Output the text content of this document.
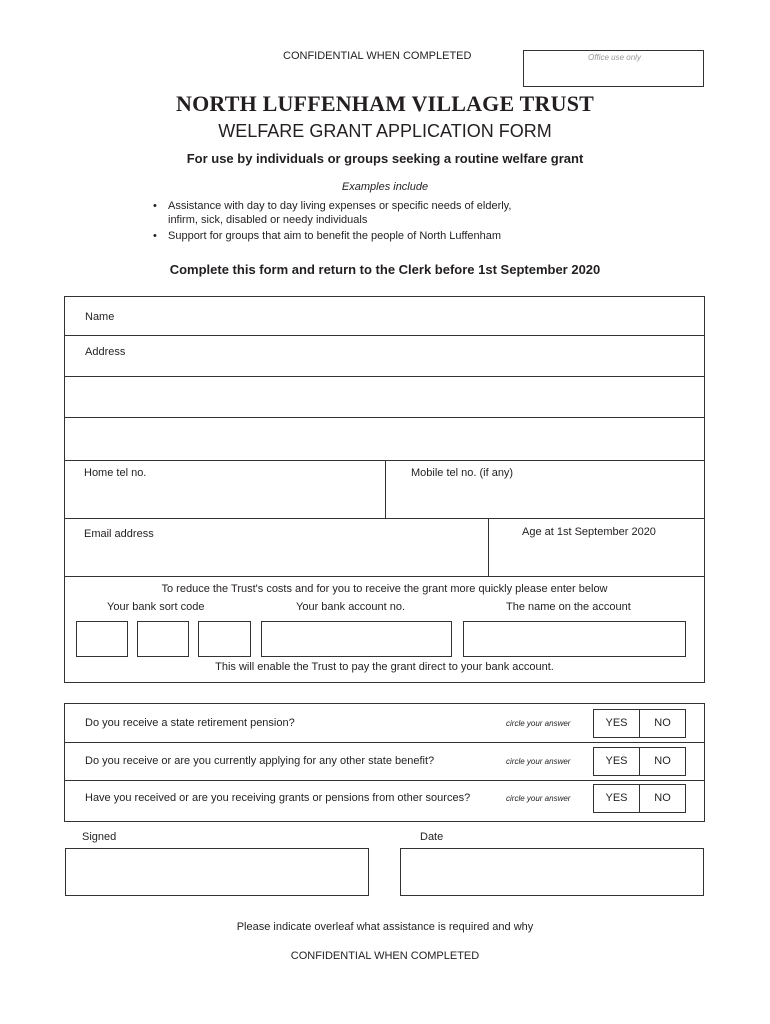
CONFIDENTIAL WHEN COMPLETED	Office use only
NORTH LUFFENHAM VILLAGE TRUST
WELFARE GRANT APPLICATION FORM
For use by individuals or groups seeking a routine welfare grant
Examples include
• Assistance with day to day living expenses or specific needs of elderly,
infirm, sick, disabled or needy individuals
• Support for groups that aim to benefit the people of North Luffenham
Complete this form and return to the Clerk before 1st September 2020
Name
Address
Home tel no.	Mobile tel no. (if any)
Email address	Age at 1st September 2020
To reduce the Trust's costs and for you to receive the grant more quickly please enter below
Your bank sort code	Your bank account no.	The name on the account
This will enable the Trust to pay the grant direct to your bank account.
Do you receive a state retirement pension?	circle your answer	YES	NO
Do you receive or are you currently applying for any other state benefit?	circle your answer	YES	NO
Have you received or are you receiving grants or pensions from other sources?	circle your answer	YES	NO
Signed	Date
Please indicate overleaf what assistance is required and why
CONFIDENTIAL WHEN COMPLETED
